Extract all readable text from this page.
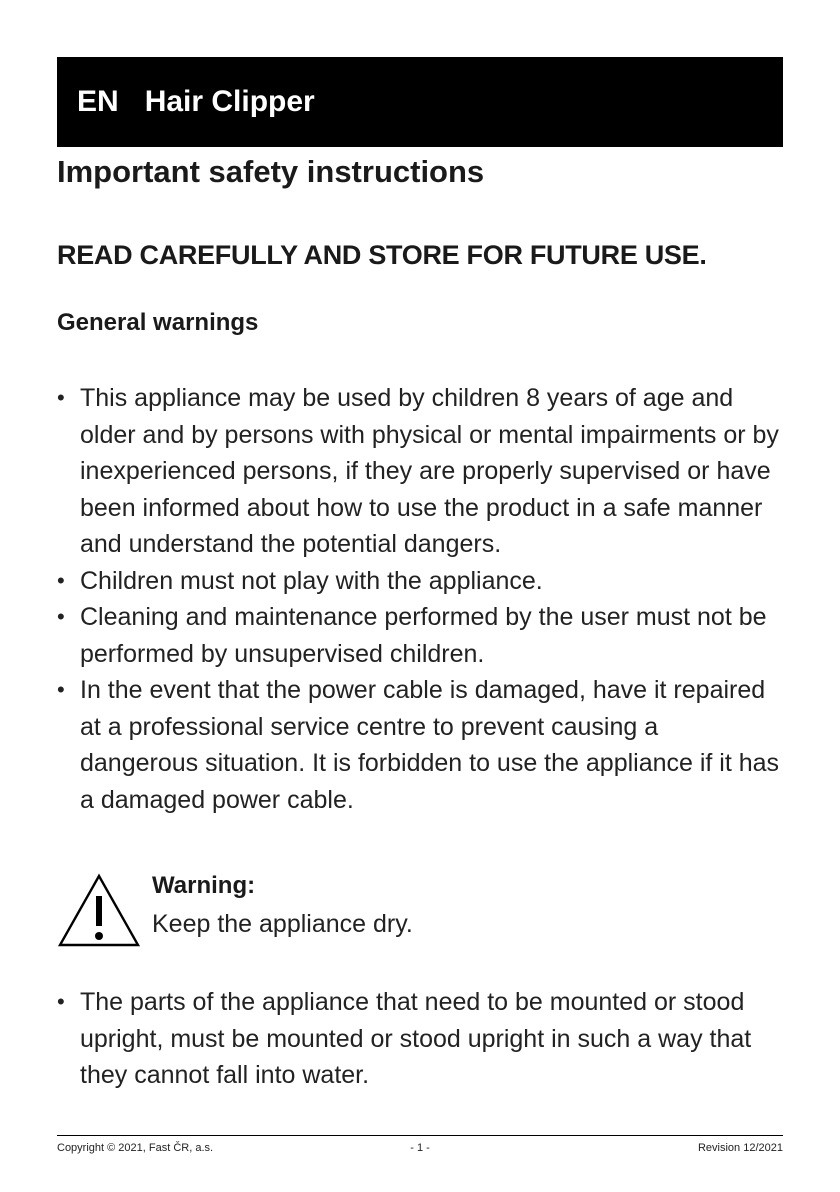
EN Hair Clipper
Important safety instructions

READ CAREFULLY AND STORE FOR FUTURE USE.

General warnings
• This appliance may be used by children 8 years of age and older and by persons with physical or mental impairments or by inexperienced persons, if they are properly supervised or have been informed about how to use the product in a safe manner and understand the potential dangers.
• Children must not play with the appliance.
• Cleaning and maintenance performed by the user must not be performed by unsupervised children.
• In the event that the power cable is damaged, have it repaired at a professional service centre to prevent causing a dangerous situation. It is forbidden to use the appliance if it has a damaged power cable.
Warning:
Keep the appliance dry.
• The parts of the appliance that need to be mounted or stood upright, must be mounted or stood upright in such a way that they cannot fall into water.
Copyright © 2021, Fast ČR, a.s.	- 1 -	Revision 12/2021
